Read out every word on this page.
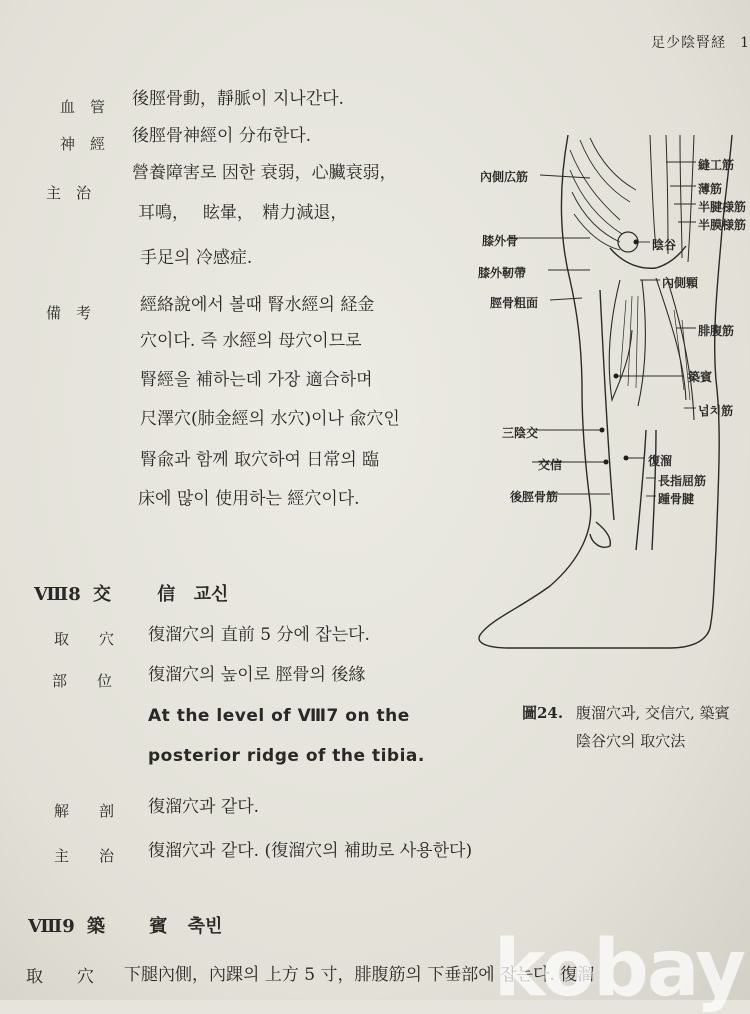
足少陰腎経 1
血　管 後脛骨動，靜脈이 지나간다.
神　經 後脛骨神經이 分布한다.
主　治
營養障害로 因한 衰弱，心臟衰弱，
耳鳴，　 眩暈，　精力減退，
手足의 冷感症.
備　考	經絡說에서 볼때 腎水經의 経金
穴이다. 즉 水經의 母穴이므로
腎經을 補하는데 가장 適合하며
尺澤穴(肺金經의 水穴)이나 兪穴인
腎兪과 함께 取穴하여 日常의 臨
床에 많이 使用하는 經穴이다.
Ⅷ8 交	信 교신
取　　穴 復溜穴의 直前 5 分에 잡는다.
部　　位 復溜穴의 높이로 脛骨의 後緣
At the level of Ⅷ7 on the
posterior ridge of the tibia.
解　　剖 復溜穴과 같다.
主　　治 復溜穴과 같다. (復溜穴의 補助로 사용한다)
Ⅷ9 築 賓 축빈
取　　穴 下腿內側，內踝의 上方 5 寸，腓腹筋의 下垂部에 잡는다. 復溜
內側広筋
膝外骨
膝外靭帶
脛骨粗面
三陰交
交信
後脛骨筋
縫工筋
薄筋
半腱様筋
半膜様筋
陰谷
內側顆
腓腹筋
築賓
넙치筋
復溜
長指屈筋
踵骨腱
圖24. 腹溜穴과, 交信穴, 築賓
陰谷穴의 取穴法
kobay
